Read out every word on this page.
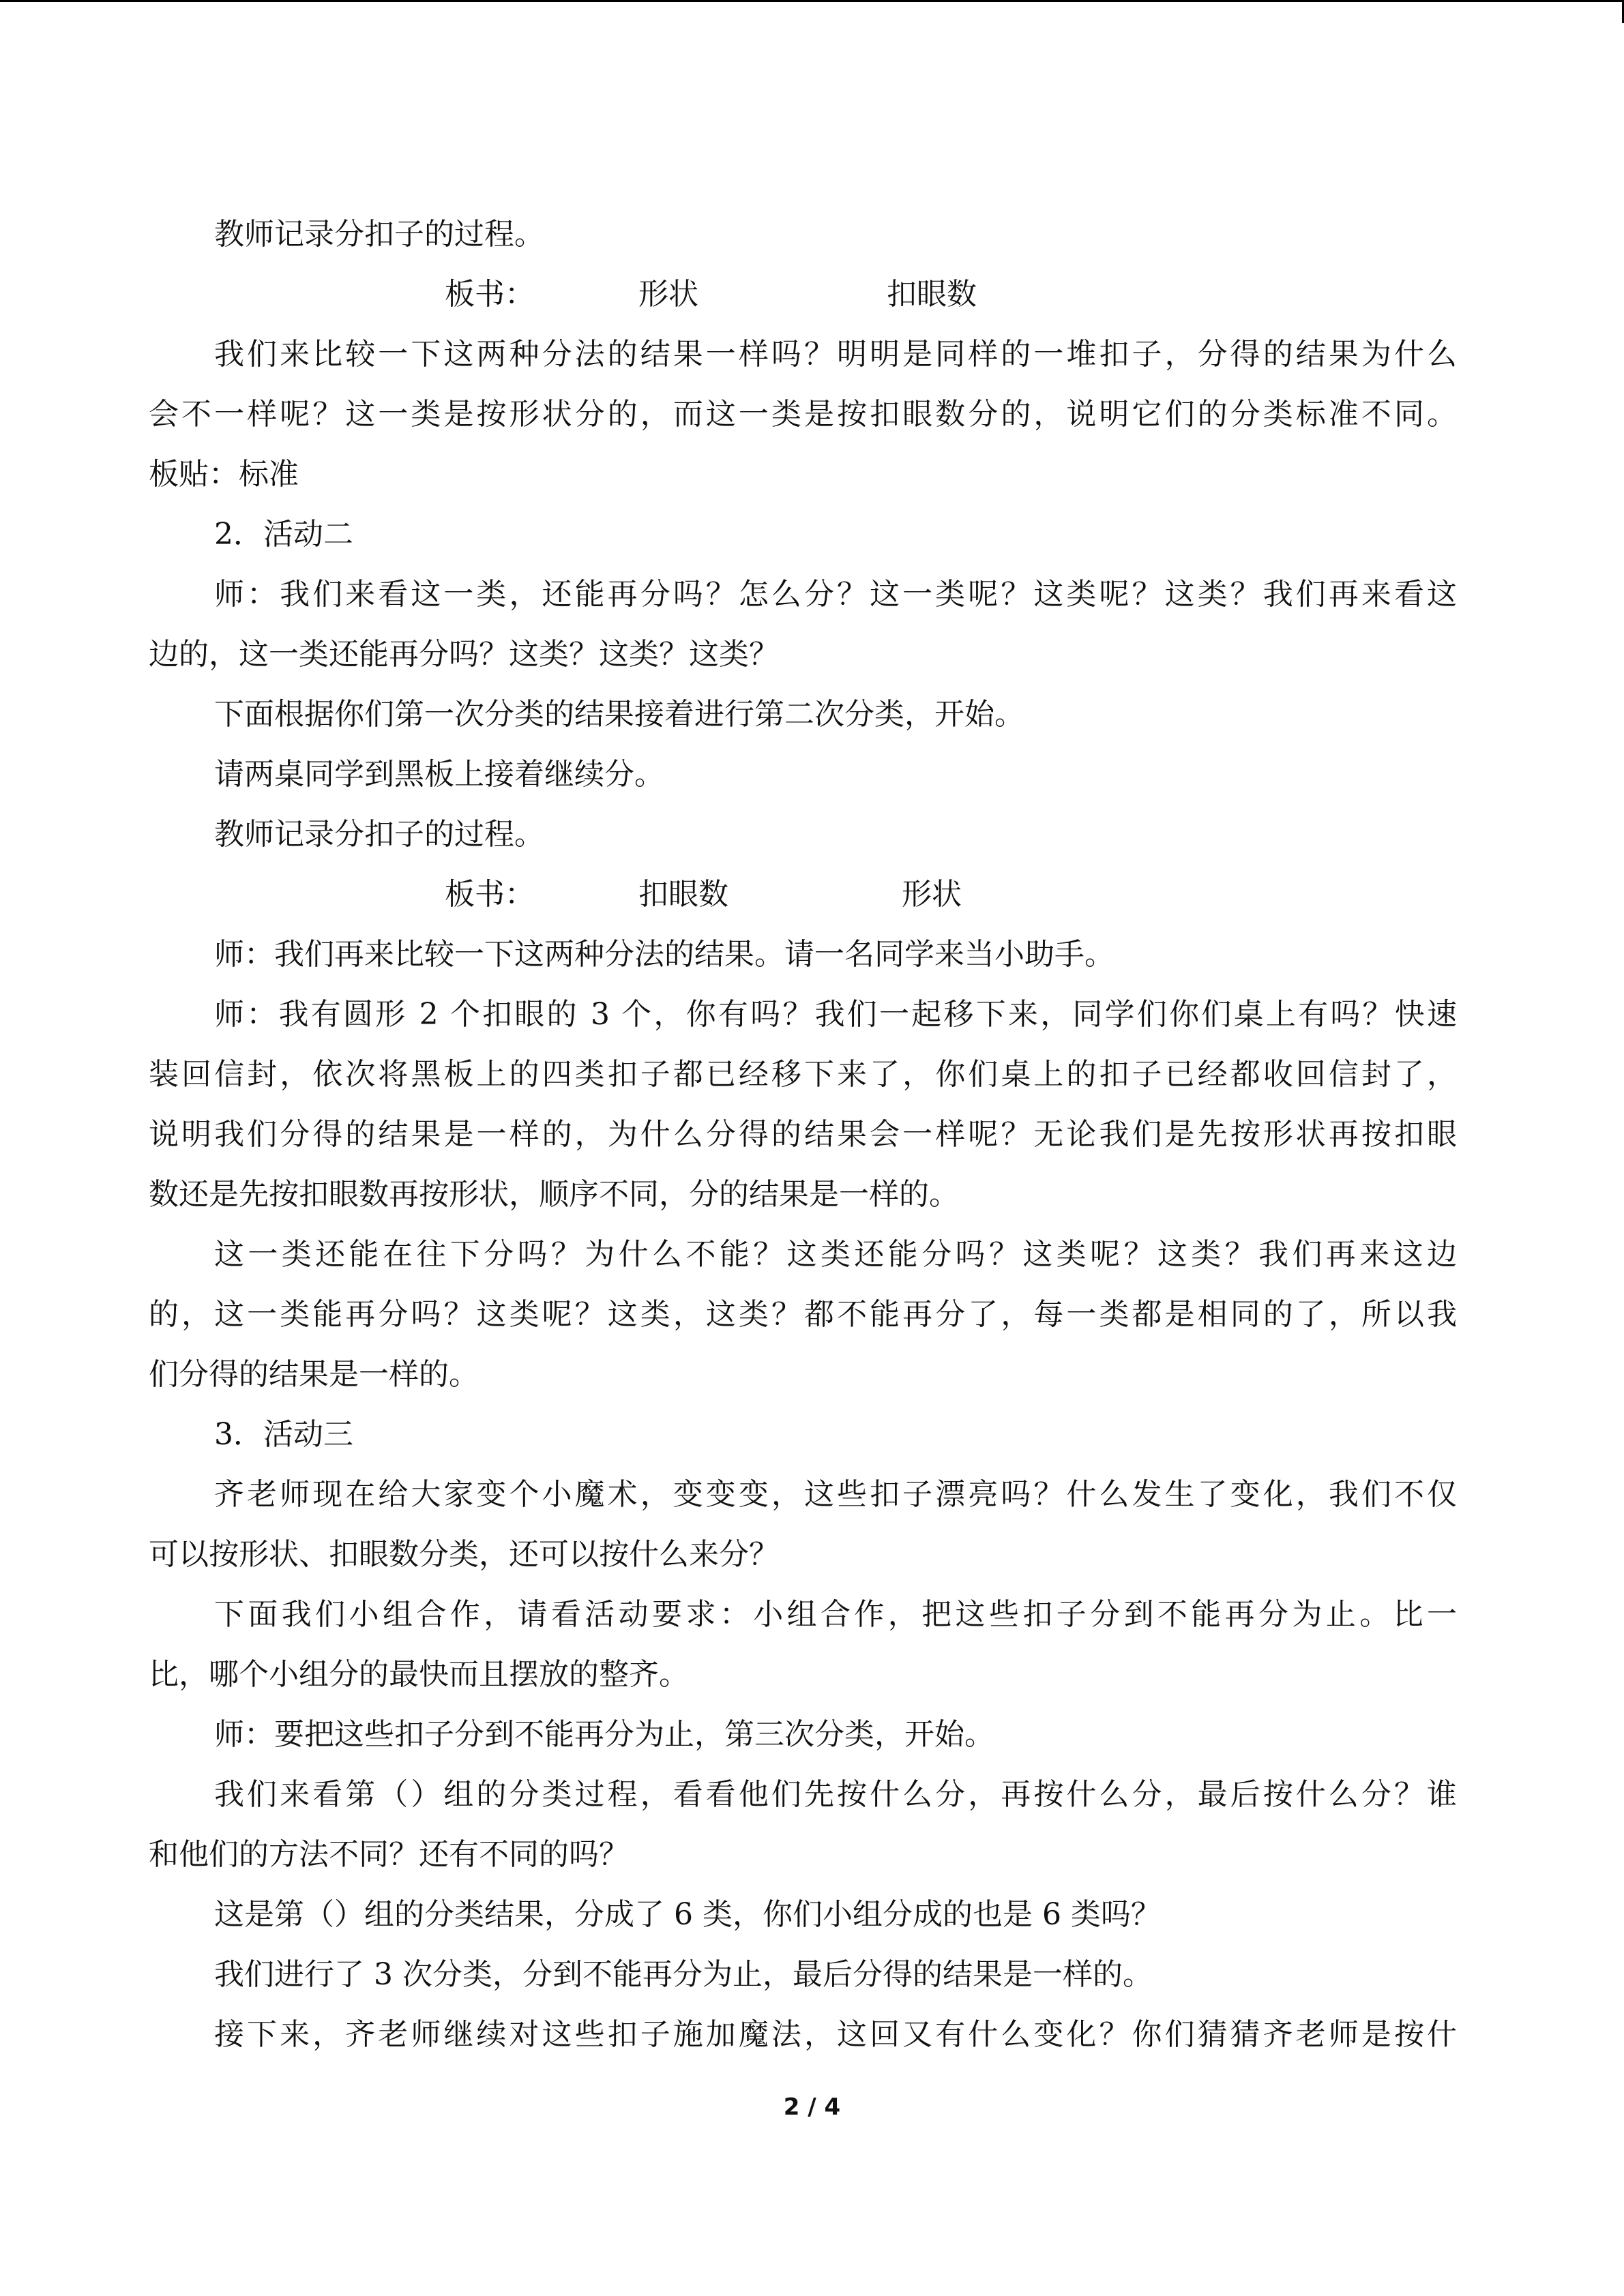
教师记录分扣子的过程。
板书：	形状	扣眼数
我们来比较一下这两种分法的结果一样吗？明明是同样的一堆扣子，分得的结果为什么
会不一样呢？这一类是按形状分的，而这一类是按扣眼数分的，说明它们的分类标准不同。
板贴：标准
2．活动二
师：我们来看这一类，还能再分吗？怎么分？这一类呢？这类呢？这类？我们再来看这
边的，这一类还能再分吗？这类？这类？这类？
下面根据你们第一次分类的结果接着进行第二次分类，开始。
请两桌同学到黑板上接着继续分。
教师记录分扣子的过程。
板书：	扣眼数	形状
师：我们再来比较一下这两种分法的结果。请一名同学来当小助手。
师：我有圆形 2 个扣眼的 3 个，你有吗？我们一起移下来，同学们你们桌上有吗？快速
装回信封，依次将黑板上的四类扣子都已经移下来了，你们桌上的扣子已经都收回信封了，
说明我们分得的结果是一样的，为什么分得的结果会一样呢？无论我们是先按形状再按扣眼
数还是先按扣眼数再按形状，顺序不同，分的结果是一样的。
这一类还能在往下分吗？为什么不能？这类还能分吗？这类呢？这类？我们再来这边
的，这一类能再分吗？这类呢？这类，这类？都不能再分了，每一类都是相同的了，所以我
们分得的结果是一样的。
3．活动三
齐老师现在给大家变个小魔术，变变变，这些扣子漂亮吗？什么发生了变化，我们不仅
可以按形状、扣眼数分类，还可以按什么来分？
下面我们小组合作，请看活动要求：小组合作，把这些扣子分到不能再分为止。比一
比，哪个小组分的最快而且摆放的整齐。
师：要把这些扣子分到不能再分为止，第三次分类，开始。
我们来看第（）组的分类过程，看看他们先按什么分，再按什么分，最后按什么分？谁
和他们的方法不同？还有不同的吗？
这是第（）组的分类结果，分成了 6 类，你们小组分成的也是 6 类吗？
我们进行了 3 次分类，分到不能再分为止，最后分得的结果是一样的。
接下来，齐老师继续对这些扣子施加魔法，这回又有什么变化？你们猜猜齐老师是按什
2 / 4
